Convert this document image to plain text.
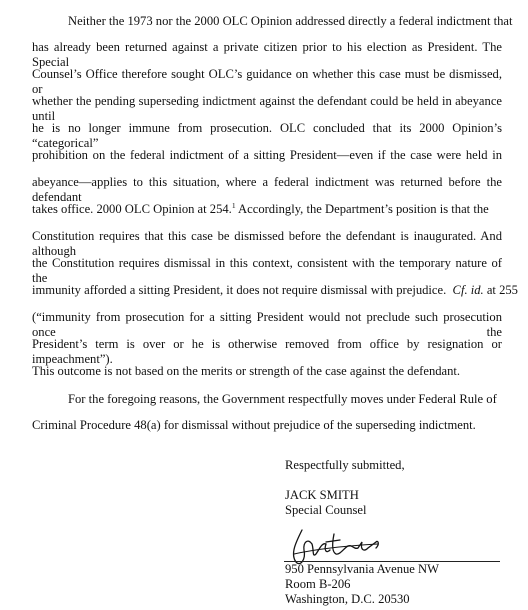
Neither the 1973 nor the 2000 OLC Opinion addressed directly a federal indictment that
has already been returned against a private citizen prior to his election as President. The Special
Counsel’s Office therefore sought OLC’s guidance on whether this case must be dismissed, or
whether the pending superseding indictment against the defendant could be held in abeyance until
he is no longer immune from prosecution. OLC concluded that its 2000 Opinion’s “categorical”
prohibition on the federal indictment of a sitting President—even if the case were held in
abeyance—applies to this situation, where a federal indictment was returned before the defendant
takes office. 2000 OLC Opinion at 254.$^1$ Accordingly, the Department’s position is that the
Constitution requires that this case be dismissed before the defendant is inaugurated. And although
the Constitution requires dismissal in this context, consistent with the temporary nature of the
immunity afforded a sitting President, it does not require dismissal with prejudice. Cf. id. at 255
(“immunity from prosecution for a sitting President would not preclude such prosecution once the
President’s term is over or he is otherwise removed from office by resignation or impeachment”).
This outcome is not based on the merits or strength of the case against the defendant.
For the foregoing reasons, the Government respectfully moves under Federal Rule of
Criminal Procedure 48(a) for dismissal without prejudice of the superseding indictment.
Respectfully submitted,
JACK SMITH
Special Counsel
950 Pennsylvania Avenue NW
Room B-206
Washington, D.C. 20530
